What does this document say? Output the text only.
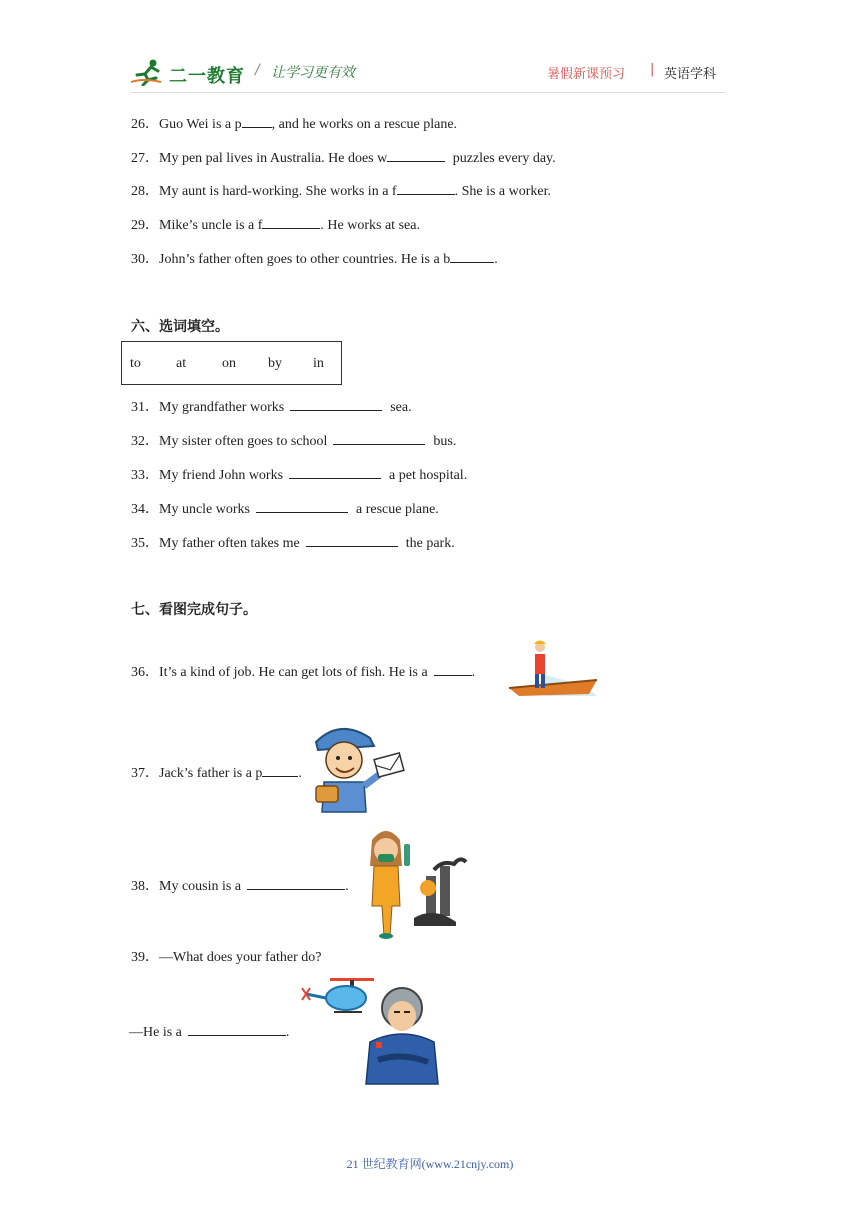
二一教育 / 让学习更有效	暑假新课预习 | 英语学科
26．Guo Wei is a p , and he works on a rescue plane.
27．My pen pal lives in Australia. He does w	puzzles every day.
28．My aunt is hard-working. She works in a f	. She is a worker.
29．Mike’s uncle is a f	. He works at sea.
30．John’s father often goes to other countries. He is a b	.
六、选词填空。
to	at	on by in
31．My grandfather works	sea.
32．My sister often goes to school	bus.
33．My friend John works	a pet hospital.
34．My uncle works	a rescue plane.
35．My father often takes me	the park.
七、看图完成句子。
36．It’s a kind of job. He can get lots of fish. He is a	.
37．Jack’s father is a p	.
38．My cousin is a	.
39．—What does your father do?
—He is a	.
21 世纪教育网(www.21cnjy.com)
